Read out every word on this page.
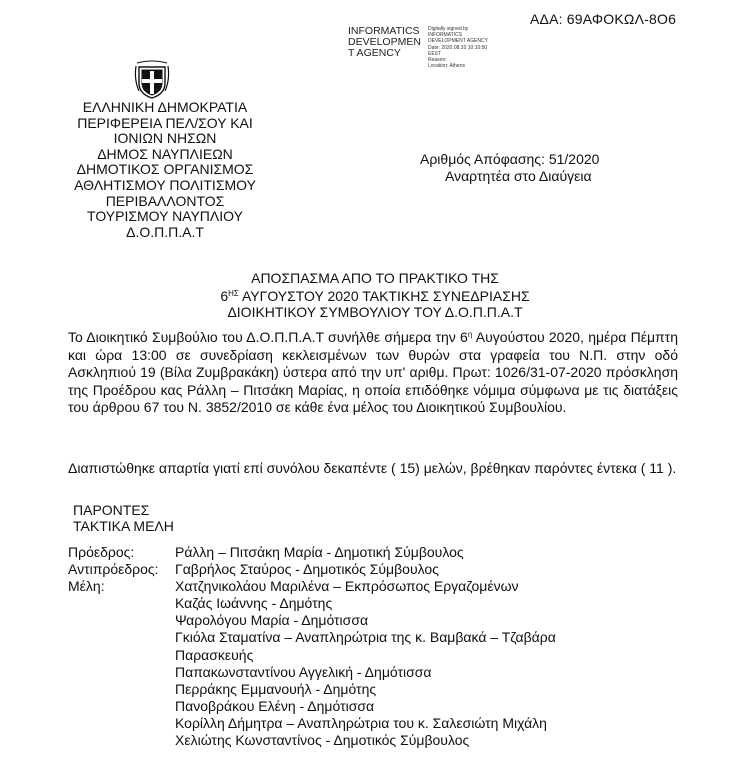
ΑΔΑ: 69ΑΦΟΚΩΛ-8Ο6
INFORMATICS
DEVELOPMEN
T AGENCY
Digitally signed by
INFORMATICS
DEVELOPMENT AGENCY
Date: 2020.08.20 10:10:50
EEST
Reason:
Location: Athens
ΕΛΛΗΝΙΚΗ ΔΗΜΟΚΡΑΤΙΑ
ΠΕΡΙΦΕΡΕΙΑ ΠΕΛ/ΣΟΥ ΚΑΙ
ΙΟΝΙΩΝ ΝΗΣΩΝ
ΔΗΜΟΣ ΝΑΥΠΛΙΕΩΝ
ΔΗΜΟΤΙΚΟΣ ΟΡΓΑΝΙΣΜΟΣ
ΑΘΛΗΤΙΣΜΟΥ ΠΟΛΙΤΙΣΜΟΥ
ΠΕΡΙΒΑΛΛΟΝΤΟΣ
ΤΟΥΡΙΣΜΟΥ ΝΑΥΠΛΙΟΥ
Δ.Ο.Π.Π.Α.Τ
Αριθμός Απόφασης: 51/2020
Αναρτητέα στο Διαύγεια
ΑΠΟΣΠΑΣΜΑ ΑΠΟ ΤΟ ΠΡΑΚΤΙΚΟ ΤΗΣ
$6^{H\Sigma}$ ΑΥΓΟΥΣΤΟΥ 2020 ΤΑΚΤΙΚΗΣ ΣΥΝΕΔΡΙΑΣΗΣ
ΔΙΟΙΚΗΤΙΚΟΥ ΣΥΜΒΟΥΛΙΟΥ ΤΟΥ Δ.Ο.Π.Π.Α.Τ
Το Διοικητικό Συμβούλιο του Δ.Ο.Π.Π.Α.Τ συνήλθε σήμερα την $6^\eta$ Αυγούστου 2020, ημέρα Πέμπτη και ώρα 13:00 σε συνεδρίαση κεκλεισμένων των θυρών στα γραφεία του Ν.Π. στην οδό Ασκληπιού 19 (Βίλα Ζυμβρακάκη) ύστερα από την υπ' αριθμ. Πρωτ: 1026/31-07-2020 πρόσκληση της Προέδρου κας Ράλλη – Πιτσάκη Μαρίας, η οποία επιδόθηκε νόμιμα σύμφωνα με τις διατάξεις του άρθρου 67 του Ν. 3852/2010 σε κάθε ένα μέλος του Διοικητικού Συμβουλίου.
Διαπιστώθηκε απαρτία γιατί επί συνόλου δεκαπέντε ( 15) μελών, βρέθηκαν παρόντες έντεκα ( 11 ).
ΠΑΡΟΝΤΕΣ
ΤΑΚΤΙΚΑ ΜΕΛΗ
Πρόεδρος:	Ράλλη – Πιτσάκη Μαρία - Δημοτική Σύμβουλος
Αντιπρόεδρος:	Γαβρήλος Σταύρος - Δημοτικός Σύμβουλος
Μέλη:	Χατζηνικολάου Μαριλένα – Εκπρόσωπος Εργαζομένων
Καζάς Ιωάννης - Δημότης
Ψαρολόγου Μαρία - Δημότισσα
Γκιόλα Σταματίνα – Αναπληρώτρια της κ. Βαμβακά – Τζαβάρα
Παρασκευής
Παπακωνσταντίνου Αγγελική - Δημότισσα
Περράκης Εμμανουήλ - Δημότης
Πανοβράκου Ελένη - Δημότισσα
Κορίλλη Δήμητρα – Αναπληρώτρια του κ. Σαλεσιώτη Μιχάλη
Χελιώτης Κωνσταντίνος - Δημοτικός Σύμβουλος
